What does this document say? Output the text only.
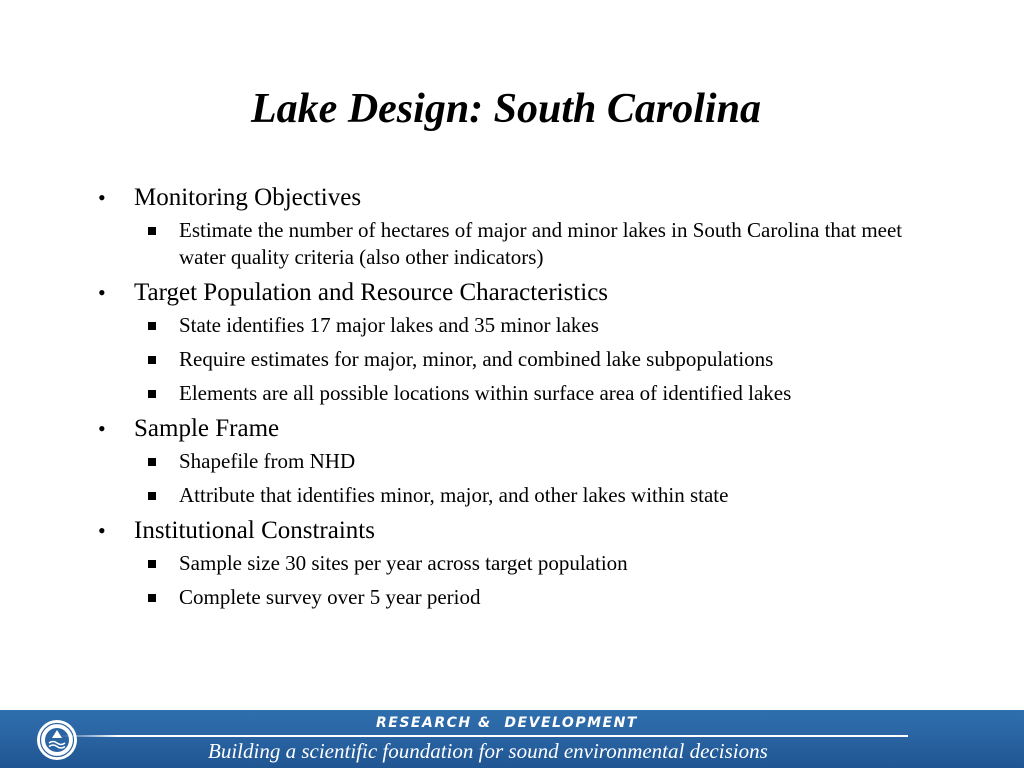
Lake Design: South Carolina
• Monitoring Objectives
Estimate the number of hectares of major and minor lakes in South Carolina that meet water quality criteria (also other indicators)
• Target Population and Resource Characteristics
State identifies 17 major lakes and 35 minor lakes
Require estimates for major, minor, and combined lake subpopulations
Elements are all possible locations within surface area of identified lakes
• Sample Frame
Shapefile from NHD
Attribute that identifies minor, major, and other lakes within state
• Institutional Constraints
Sample size 30 sites per year across target population
Complete survey over 5 year period
RESEARCH &  DEVELOPMENT
Building a scientific foundation for sound environmental decisions
